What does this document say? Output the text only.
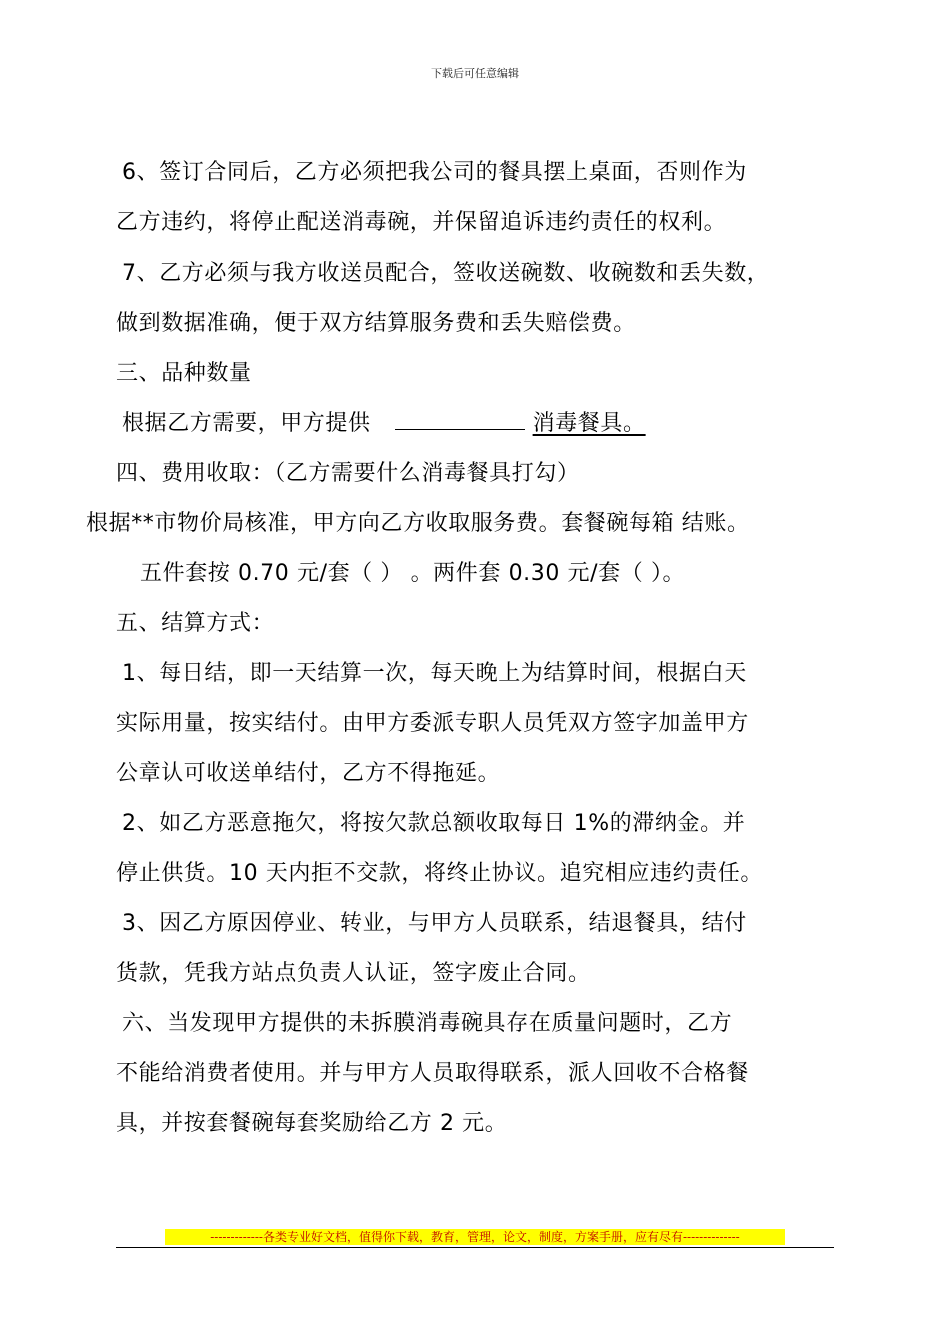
下载后可任意编辑
6、签订合同后，乙方必须把我公司的餐具摆上桌面，否则作为
乙方违约，将停止配送消毒碗，并保留追诉违约责任的权利。
7、乙方必须与我方收送员配合，签收送碗数、收碗数和丢失数，
做到数据准确，便于双方结算服务费和丢失赔偿费。
三、品种数量
根据乙方需要，甲方提供	消毒餐具。
四、费用收取：（乙方需要什么消毒餐具打勾）
根据**市物价局核准，甲方向乙方收取服务费。套餐碗每箱 结账。
五件套按 0.70 元/套（ ） 。两件套 0.30 元/套（ ）。
五、结算方式：
1、每日结，即一天结算一次，每天晚上为结算时间，根据白天
实际用量，按实结付。由甲方委派专职人员凭双方签字加盖甲方
公章认可收送单结付，乙方不得拖延。
2、如乙方恶意拖欠，将按欠款总额收取每日 1%的滞纳金。并
停止供货。10 天内拒不交款，将终止协议。追究相应违约责任。
3、因乙方原因停业、转业，与甲方人员联系，结退餐具，结付
货款，凭我方站点负责人认证，签字废止合同。
六、当发现甲方提供的未拆膜消毒碗具存在质量问题时，乙方
不能给消费者使用。并与甲方人员取得联系，派人回收不合格餐
具，并按套餐碗每套奖励给乙方 2 元。
-------------各类专业好文档，值得你下载，教育，管理，论文，制度，方案手册，应有尽有--------------
